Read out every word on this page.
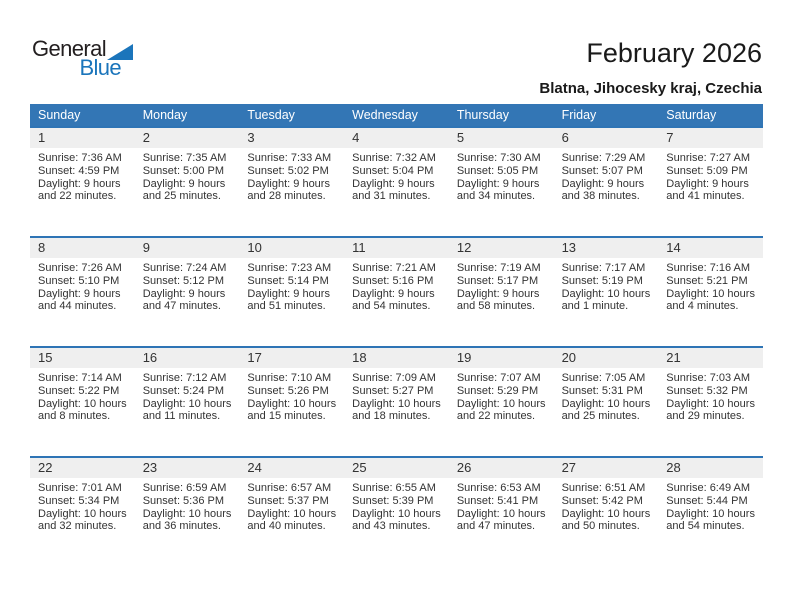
General
Blue	February 2026
Blatna, Jihocesky kraj, Czechia
Sunday	Monday	Tuesday	Wednesday	Thursday	Friday	Saturday
1	2	3	4	5	6	7
Sunrise: 7:36 AM
Sunset: 4:59 PM
Daylight: 9 hours
and 22 minutes.
Sunrise: 7:35 AM
Sunset: 5:00 PM
Daylight: 9 hours
and 25 minutes.
Sunrise: 7:33 AM
Sunset: 5:02 PM
Daylight: 9 hours
and 28 minutes.
Sunrise: 7:32 AM
Sunset: 5:04 PM
Daylight: 9 hours
and 31 minutes.
Sunrise: 7:30 AM
Sunset: 5:05 PM
Daylight: 9 hours
and 34 minutes.
Sunrise: 7:29 AM
Sunset: 5:07 PM
Daylight: 9 hours
and 38 minutes.
Sunrise: 7:27 AM
Sunset: 5:09 PM
Daylight: 9 hours
and 41 minutes.
8	9	10	11	12	13	14
Sunrise: 7:26 AM
Sunset: 5:10 PM
Daylight: 9 hours
and 44 minutes.
Sunrise: 7:24 AM
Sunset: 5:12 PM
Daylight: 9 hours
and 47 minutes.
Sunrise: 7:23 AM
Sunset: 5:14 PM
Daylight: 9 hours
and 51 minutes.
Sunrise: 7:21 AM
Sunset: 5:16 PM
Daylight: 9 hours
and 54 minutes.
Sunrise: 7:19 AM
Sunset: 5:17 PM
Daylight: 9 hours
and 58 minutes.
Sunrise: 7:17 AM
Sunset: 5:19 PM
Daylight: 10 hours
and 1 minute.
Sunrise: 7:16 AM
Sunset: 5:21 PM
Daylight: 10 hours
and 4 minutes.
15	16	17	18	19	20	21
Sunrise: 7:14 AM
Sunset: 5:22 PM
Daylight: 10 hours
and 8 minutes.
Sunrise: 7:12 AM
Sunset: 5:24 PM
Daylight: 10 hours
and 11 minutes.
Sunrise: 7:10 AM
Sunset: 5:26 PM
Daylight: 10 hours
and 15 minutes.
Sunrise: 7:09 AM
Sunset: 5:27 PM
Daylight: 10 hours
and 18 minutes.
Sunrise: 7:07 AM
Sunset: 5:29 PM
Daylight: 10 hours
and 22 minutes.
Sunrise: 7:05 AM
Sunset: 5:31 PM
Daylight: 10 hours
and 25 minutes.
Sunrise: 7:03 AM
Sunset: 5:32 PM
Daylight: 10 hours
and 29 minutes.
22	23	24	25	26	27	28
Sunrise: 7:01 AM
Sunset: 5:34 PM
Daylight: 10 hours
and 32 minutes.
Sunrise: 6:59 AM
Sunset: 5:36 PM
Daylight: 10 hours
and 36 minutes.
Sunrise: 6:57 AM
Sunset: 5:37 PM
Daylight: 10 hours
and 40 minutes.
Sunrise: 6:55 AM
Sunset: 5:39 PM
Daylight: 10 hours
and 43 minutes.
Sunrise: 6:53 AM
Sunset: 5:41 PM
Daylight: 10 hours
and 47 minutes.
Sunrise: 6:51 AM
Sunset: 5:42 PM
Daylight: 10 hours
and 50 minutes.
Sunrise: 6:49 AM
Sunset: 5:44 PM
Daylight: 10 hours
and 54 minutes.
